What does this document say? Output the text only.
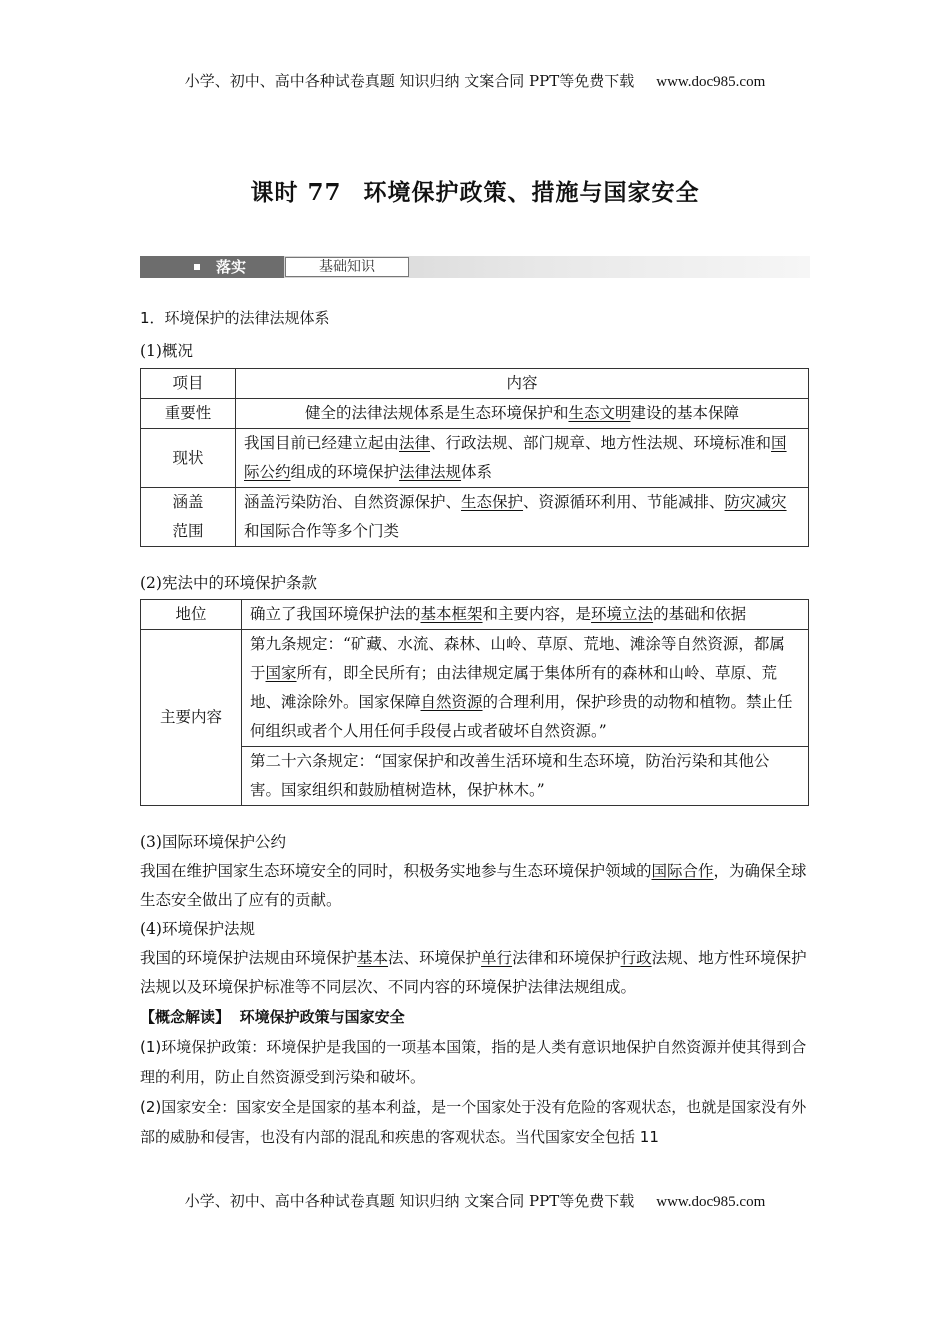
小学、初中、高中各种试卷真题 知识归纳 文案合同 PPT等免费下载 www.doc985.com
课时 77 环境保护政策、措施与国家安全
落实	基础知识
1．环境保护的法律法规体系
(1)概况
项目	内容
重要性	健全的法律法规体系是生态环境保护和生态文明建设的基本保障
现状	我国目前已经建立起由法律、行政法规、部门规章、地方性法规、环境标准和国际公约组成的环境保护法律法规体系
涵盖
范围	涵盖污染防治、自然资源保护、生态保护、资源循环利用、节能减排、防灾减灾和国际合作等多个门类
(2)宪法中的环境保护条款
地位	确立了我国环境保护法的基本框架和主要内容，是环境立法的基础和依据
主要内容	第九条规定：“矿藏、水流、森林、山岭、草原、荒地、滩涂等自然资源，都属于国家所有，即全民所有；由法律规定属于集体所有的森林和山岭、草原、荒地、滩涂除外。国家保障自然资源的合理利用，保护珍贵的动物和植物。禁止任何组织或者个人用任何手段侵占或者破坏自然资源。”
	第二十六条规定：“国家保护和改善生活环境和生态环境，防治污染和其他公害。国家组织和鼓励植树造林，保护林木。”
(3)国际环境保护公约
我国在维护国家生态环境安全的同时，积极务实地参与生态环境保护领域的国际合作，为确保全球生态安全做出了应有的贡献。
(4)环境保护法规
我国的环境保护法规由环境保护基本法、环境保护单行法律和环境保护行政法规、地方性环境保护法规以及环境保护标准等不同层次、不同内容的环境保护法律法规组成。
【概念解读】 环境保护政策与国家安全
(1)环境保护政策：环境保护是我国的一项基本国策，指的是人类有意识地保护自然资源并使其得到合理的利用，防止自然资源受到污染和破坏。
(2)国家安全：国家安全是国家的基本利益，是一个国家处于没有危险的客观状态，也就是国家没有外部的威胁和侵害，也没有内部的混乱和疾患的客观状态。当代国家安全包括 11
小学、初中、高中各种试卷真题 知识归纳 文案合同 PPT等免费下载 www.doc985.com
